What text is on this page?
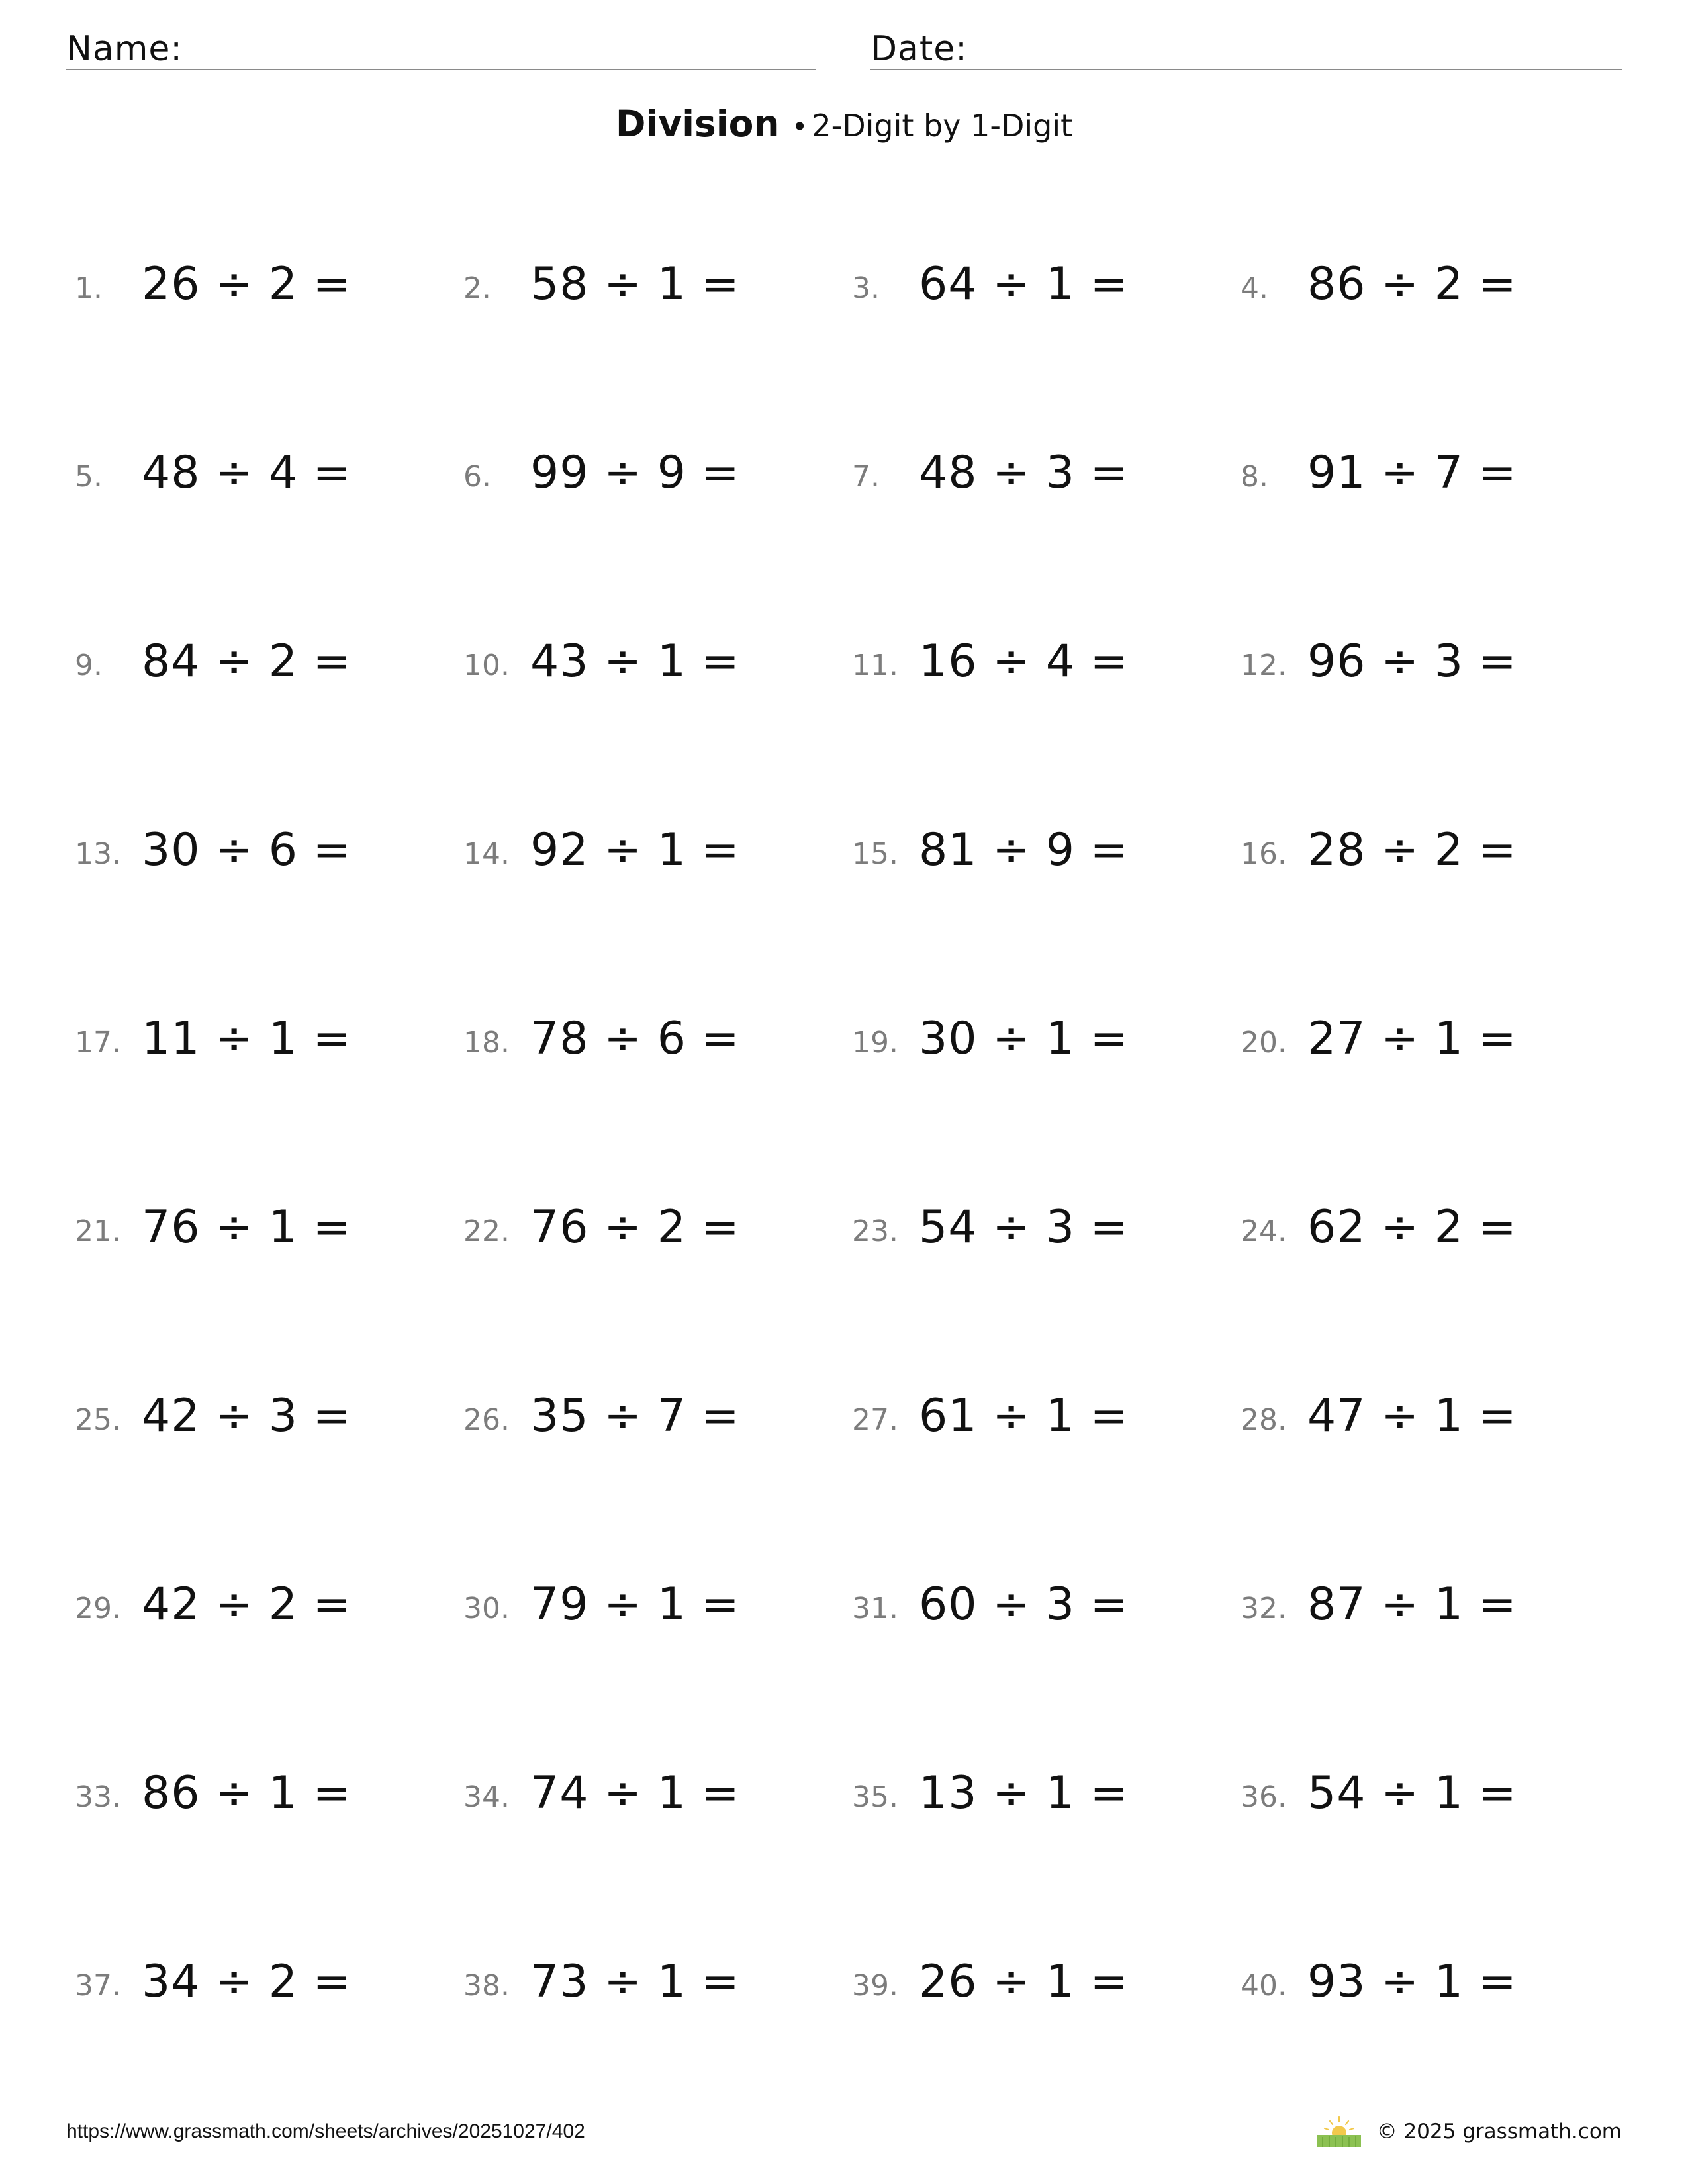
Name:	Date:
Division • 2-Digit by 1-Digit
1. 26 ÷ 2 =	2. 58 ÷ 1 =	3. 64 ÷ 1 =	4. 86 ÷ 2 =
5. 48 ÷ 4 =	6. 99 ÷ 9 =	7. 48 ÷ 3 =	8. 91 ÷ 7 =
9. 84 ÷ 2 =	10. 43 ÷ 1 =	11. 16 ÷ 4 =	12. 96 ÷ 3 =
13. 30 ÷ 6 =	14. 92 ÷ 1 =	15. 81 ÷ 9 =	16. 28 ÷ 2 =
17. 11 ÷ 1 =	18. 78 ÷ 6 =	19. 30 ÷ 1 =	20. 27 ÷ 1 =
21. 76 ÷ 1 =	22. 76 ÷ 2 =	23. 54 ÷ 3 =	24. 62 ÷ 2 =
25. 42 ÷ 3 =	26. 35 ÷ 7 =	27. 61 ÷ 1 =	28. 47 ÷ 1 =
29. 42 ÷ 2 =	30. 79 ÷ 1 =	31. 60 ÷ 3 =	32. 87 ÷ 1 =
33. 86 ÷ 1 =	34. 74 ÷ 1 =	35. 13 ÷ 1 =	36. 54 ÷ 1 =
37. 34 ÷ 2 =	38. 73 ÷ 1 =	39. 26 ÷ 1 =	40. 93 ÷ 1 =
https://www.grassmath.com/sheets/archives/20251027/402	© 2025 grassmath.com
